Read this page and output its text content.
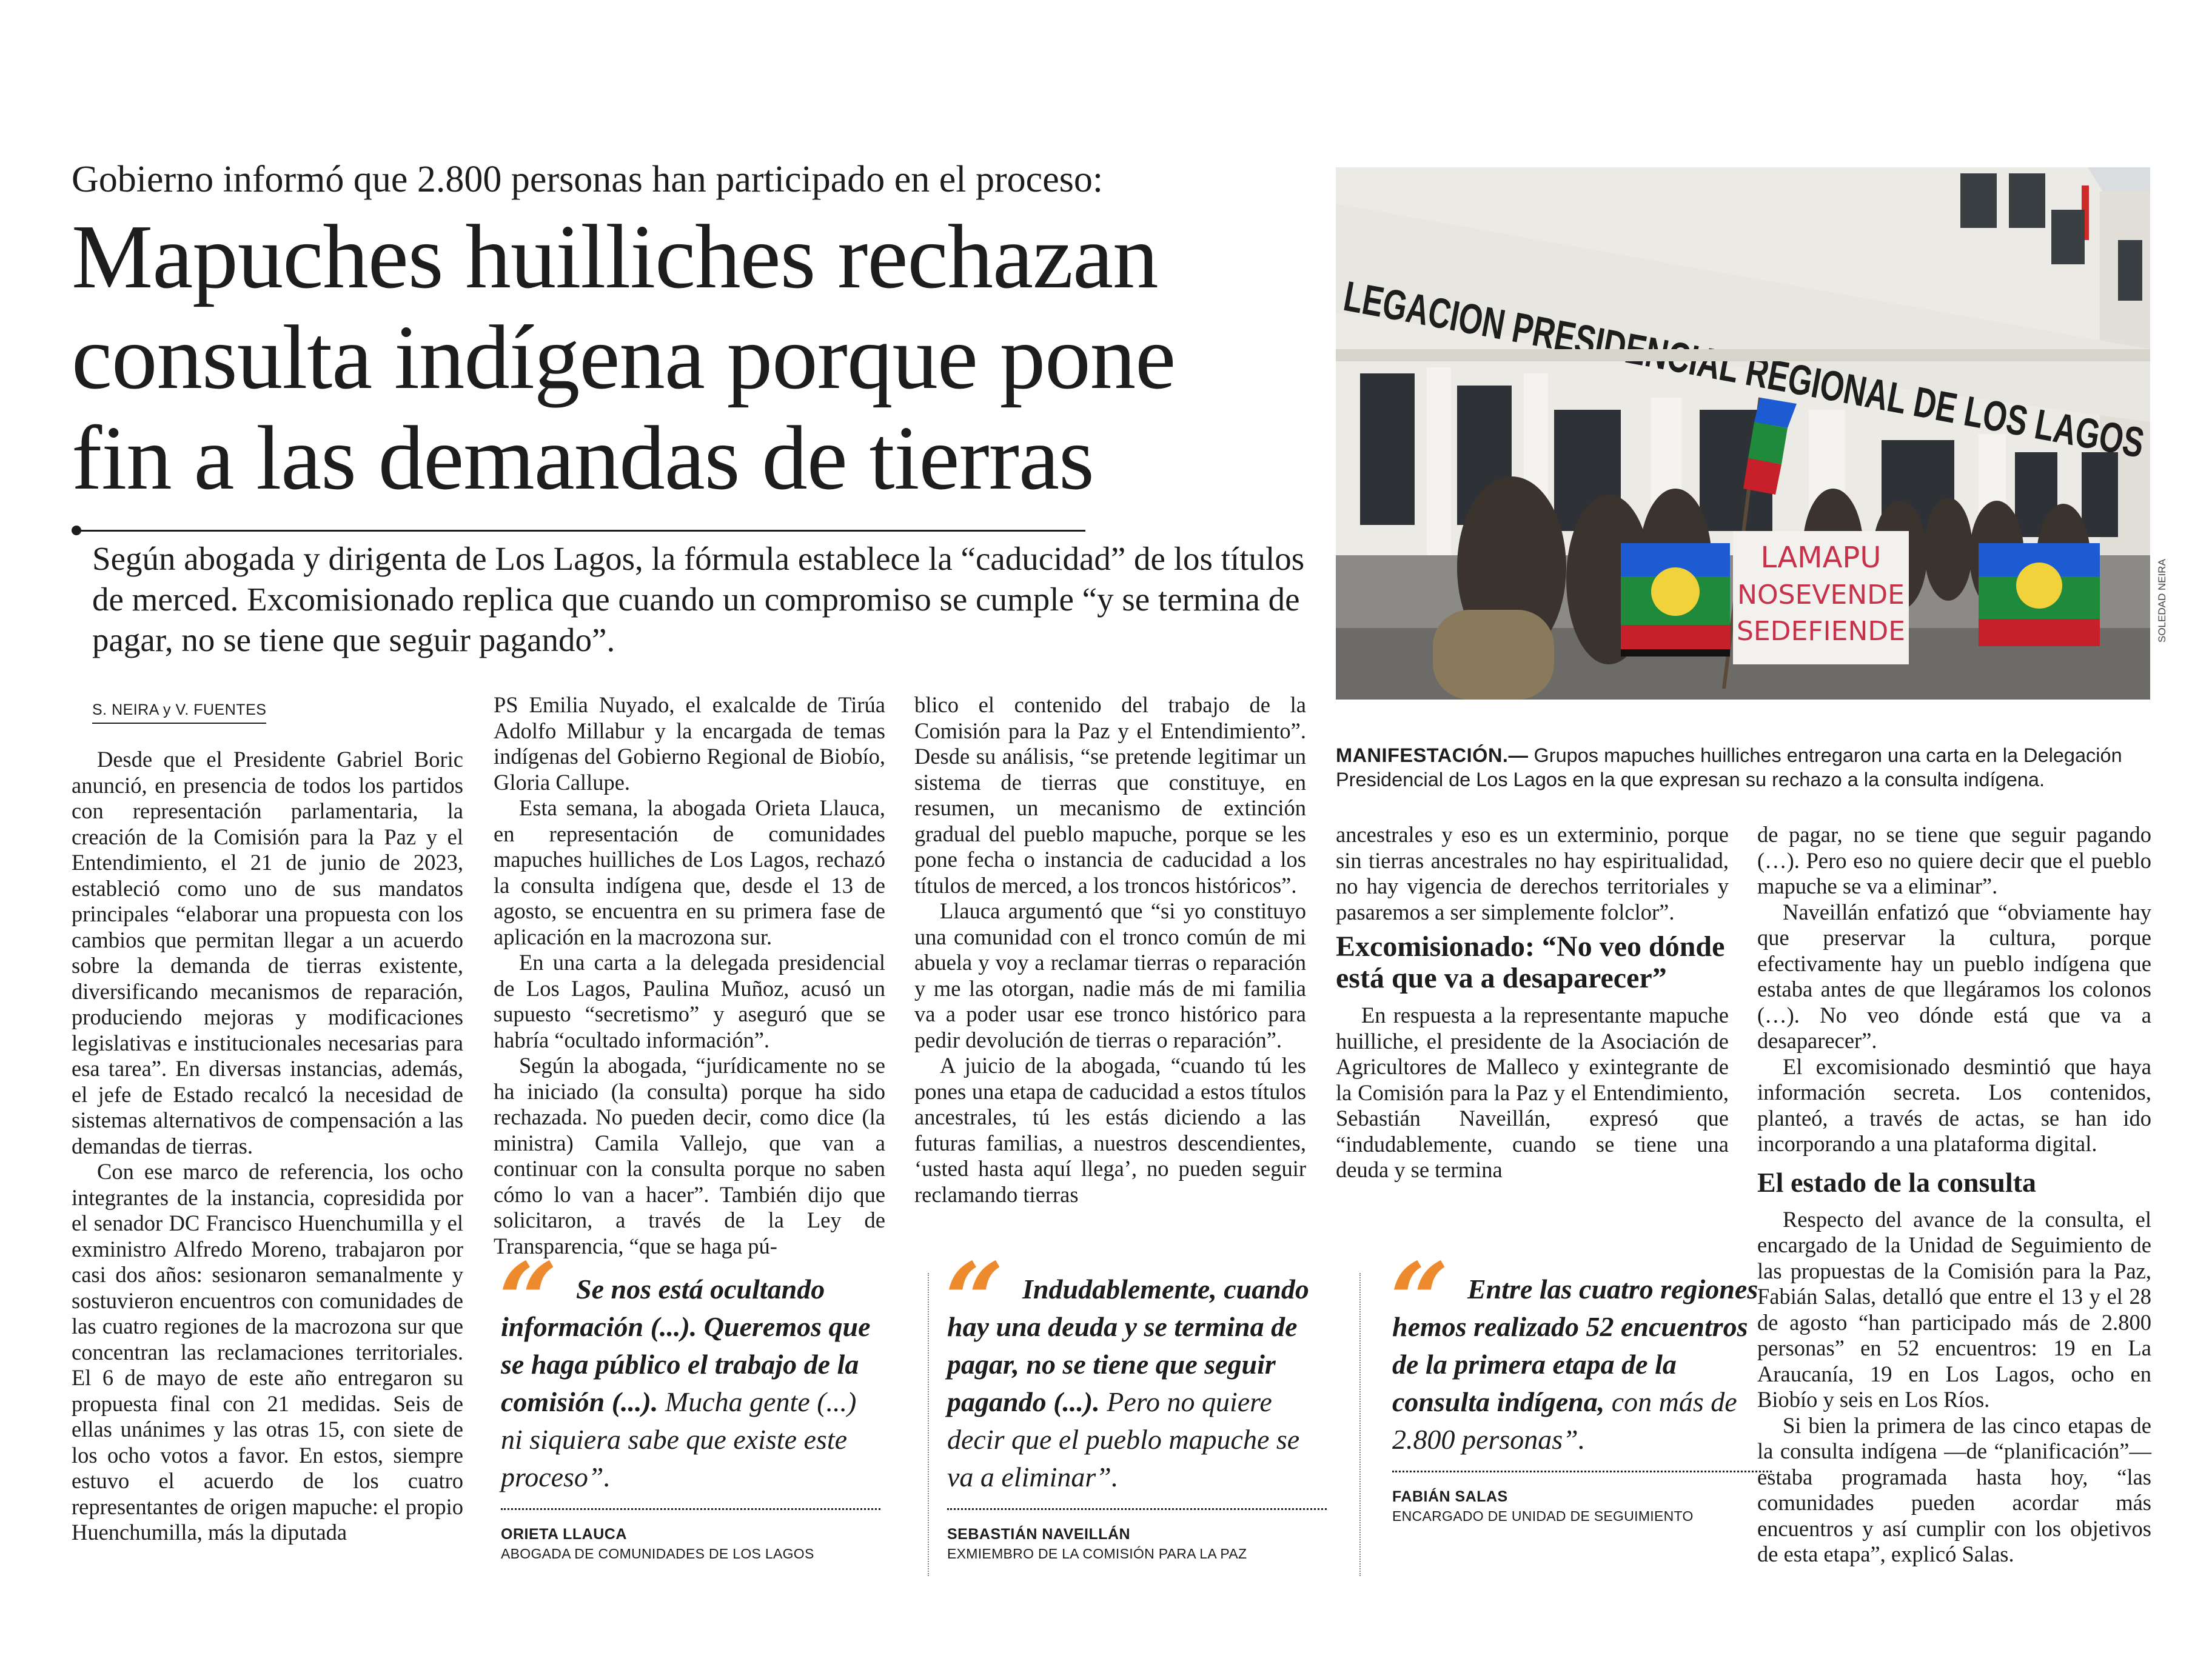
Gobierno informó que 2.800 personas han participado en el proceso:
Mapuches huilliches rechazan
consulta indígena porque pone
fin a las demandas de tierras
Según abogada y dirigenta de Los Lagos, la fórmula establece la “caducidad” de los títulos de merced. Excomisionado replica que cuando un compromiso se cumple “y se termina de pagar, no se tiene que seguir pagando”.
S. NEIRA y V. FUENTES
LAMAPU
NOSEVENDE
SEDEFIENDE	SOLEDAD NEIRA
MANIFESTACIÓN.— Grupos mapuches huilliches entregaron una carta en la Delegación Presidencial de Los Lagos en la que expresan su rechazo a la consulta indígena.

Desde que el Presidente Gabriel Boric anunció, en presencia de todos los partidos con representación parlamentaria, la creación de la Comisión para la Paz y el Entendimiento, el 21 de junio de 2023, estableció como uno de sus mandatos principales “elaborar una propuesta con los cambios que permitan llegar a un acuerdo sobre la demanda de tierras existente, diversificando mecanismos de reparación, produciendo mejoras y modificaciones legislativas e institucionales necesarias para esa tarea”. En diversas instancias, además, el jefe de Estado recalcó la necesidad de sistemas alternativos de compensación a las demandas de tierras.

Con ese marco de referencia, los ocho integrantes de la instancia, copresidida por el senador DC Francisco Huenchumilla y el exministro Alfredo Moreno, trabajaron por casi dos años: sesionaron semanalmente y sostuvieron encuentros con comunidades de las cuatro regiones de la macrozona sur que concentran las reclamaciones territoriales. El 6 de mayo de este año entregaron su propuesta final con 21 medidas. Seis de ellas unánimes y las otras 15, con siete de los ocho votos a favor. En estos, siempre estuvo el acuerdo de los cuatro representantes de origen mapuche: el propio Huenchumilla, más la diputada

PS Emilia Nuyado, el exalcalde de Tirúa Adolfo Millabur y la encargada de temas indígenas del Gobierno Regional de Biobío, Gloria Callupe.

Esta semana, la abogada Orieta Llauca, en representación de comunidades mapuches huilliches de Los Lagos, rechazó la consulta indígena que, desde el 13 de agosto, se encuentra en su primera fase de aplicación en la macrozona sur.

En una carta a la delegada presidencial de Los Lagos, Paulina Muñoz, acusó un supuesto “secretismo” y aseguró que se habría “ocultado información”.

Según la abogada, “jurídicamente no se ha iniciado (la consulta) porque ha sido rechazada. No pueden decir, como dice (la ministra) Camila Vallejo, que van a continuar con la consulta porque no saben cómo lo van a hacer”. También dijo que solicitaron, a través de la Ley de Transparencia, “que se haga pú-

blico el contenido del trabajo de la Comisión para la Paz y el Entendimiento”. Desde su análisis, “se pretende legitimar un sistema de tierras que constituye, en resumen, un mecanismo de extinción gradual del pueblo mapuche, porque se les pone fecha o instancia de caducidad a los títulos de merced, a los troncos históricos”.

Llauca argumentó que “si yo constituyo una comunidad con el tronco común de mi abuela y voy a reclamar tierras o reparación y me las otorgan, nadie más de mi familia va a poder usar ese tronco histórico para pedir devolución de tierras o reparación”.

A juicio de la abogada, “cuando tú les pones una etapa de caducidad a estos títulos ancestrales, tú les estás diciendo a las futuras familias, a nuestros descendientes, ‘usted hasta aquí llega’, no pueden seguir reclamando tierras

ancestrales y eso es un exterminio, porque sin tierras ancestrales no hay espiritualidad, no hay vigencia de derechos territoriales y pasaremos a ser simplemente folclor”.

Excomisionado: “No veo dónde está que va a desaparecer”

En respuesta a la representante mapuche huilliche, el presidente de la Asociación de Agricultores de Malleco y exintegrante de la Comisión para la Paz y el Entendimiento, Sebastián Naveillán, expresó que “indudablemente, cuando se tiene una deuda y se termina

de pagar, no se tiene que seguir pagando (…). Pero eso no quiere decir que el pueblo mapuche se va a eliminar”.

Naveillán enfatizó que “obviamente hay que preservar la cultura, porque efectivamente hay un pueblo indígena que estaba antes de que llegáramos los colonos (…). No veo dónde está que va a desaparecer”.

El excomisionado desmintió que haya información secreta. Los contenidos, planteó, a través de actas, se han ido incorporando a una plataforma digital.

El estado de la consulta

Respecto del avance de la consulta, el encargado de la Unidad de Seguimiento de las propuestas de la Comisión para la Paz, Fabián Salas, detalló que entre el 13 y el 28 de agosto “han participado más de 2.800 personas” en 52 encuentros: 19 en La Araucanía, 19 en Los Lagos, ocho en Biobío y seis en Los Ríos.

Si bien la primera de las cinco etapas de la consulta indígena —de “planificación”— estaba programada hasta hoy, “las comunidades pueden acordar más encuentros y así cumplir con los objetivos de esta etapa”, explicó Salas.

“	Se nos está ocultando información (...). Queremos que se haga público el trabajo de la comisión (...). Mucha gente (...) ni siquiera sabe que existe este proceso”.

ORIETA LLAUCA
ABOGADA DE COMUNIDADES DE LOS LAGOS
“	Indudablemente, cuando hay una deuda y se termina de pagar, no se tiene que seguir pagando (...). Pero no quiere decir que el pueblo mapuche se va a eliminar”.

SEBASTIÁN NAVEILLÁN
EXMIEMBRO DE LA COMISIÓN PARA LA PAZ
“	Entre las cuatro regiones hemos realizado 52 encuentros de la primera etapa de la consulta indígena, con más de 2.800 personas”.

FABIÁN SALAS
ENCARGADO DE UNIDAD DE SEGUIMIENTO
